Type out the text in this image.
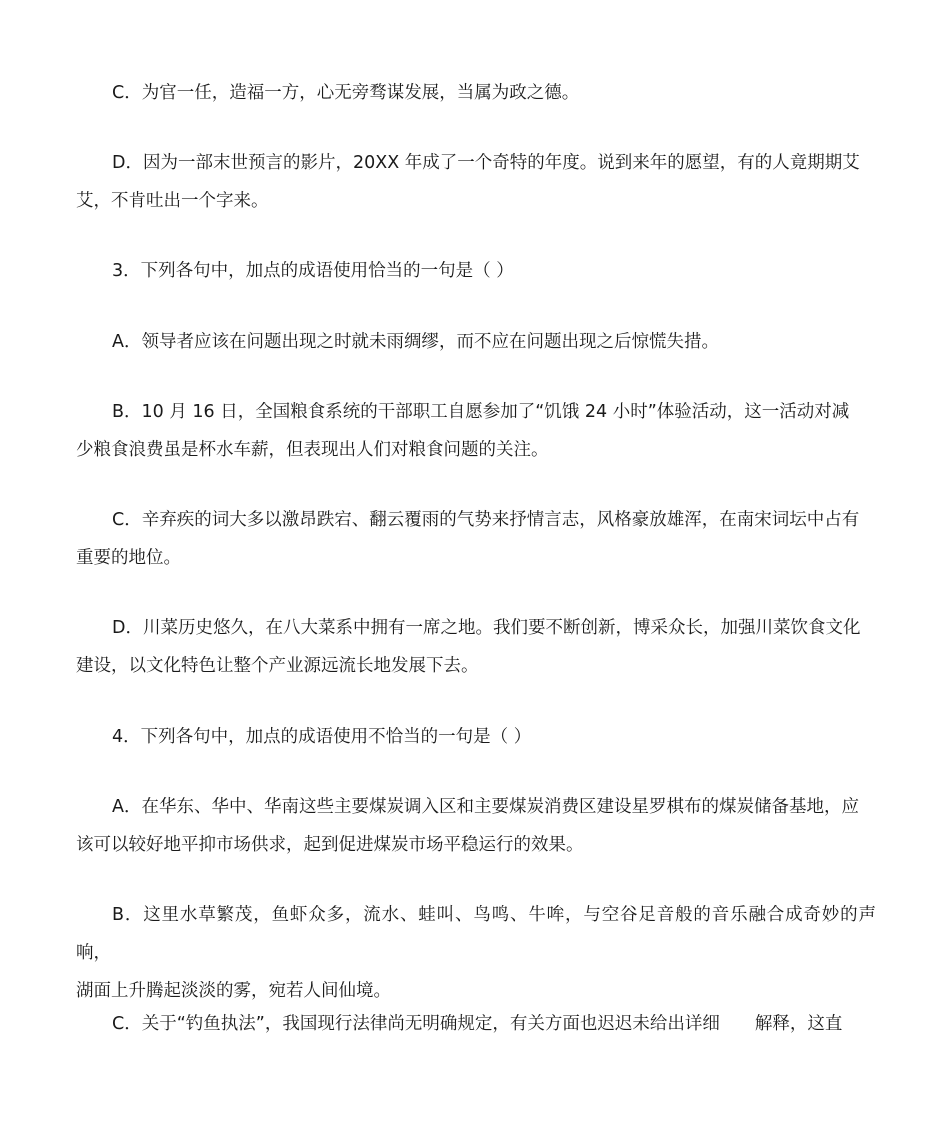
C．为官一任，造福一方，心无旁骛谋发展，当属为政之德。
D．因为一部末世预言的影片，20XX 年成了一个奇特的年度。说到来年的愿望，有的人竟期期艾
艾，不肯吐出一个字来。
3．下列各句中，加点的成语使用恰当的一句是（ ）
A．领导者应该在问题出现之时就未雨绸缪，而不应在问题出现之后惊慌失措。
B．10 月 16 日，全国粮食系统的干部职工自愿参加了“饥饿 24 小时”体验活动，这一活动对减
少粮食浪费虽是杯水车薪，但表现出人们对粮食问题的关注。
C．辛弃疾的词大多以激昂跌宕、翻云覆雨的气势来抒情言志，风格豪放雄浑，在南宋词坛中占有
重要的地位。
D．川菜历史悠久，在八大菜系中拥有一席之地。我们要不断创新，博采众长，加强川菜饮食文化
建设，以文化特色让整个产业源远流长地发展下去。
4．下列各句中，加点的成语使用不恰当的一句是（ ）
A．在华东、华中、华南这些主要煤炭调入区和主要煤炭消费区建设星罗棋布的煤炭储备基地，应
该可以较好地平抑市场供求，起到促进煤炭市场平稳运行的效果。
B．这里水草繁茂，鱼虾众多，流水、蛙叫、鸟鸣、牛哞，与空谷足音般的音乐融合成奇妙的声响，
湖面上升腾起淡淡的雾，宛若人间仙境。
C．关于“钓鱼执法”，我国现行法律尚无明确规定，有关方面也迟迟未给出详细　　解释，这直
